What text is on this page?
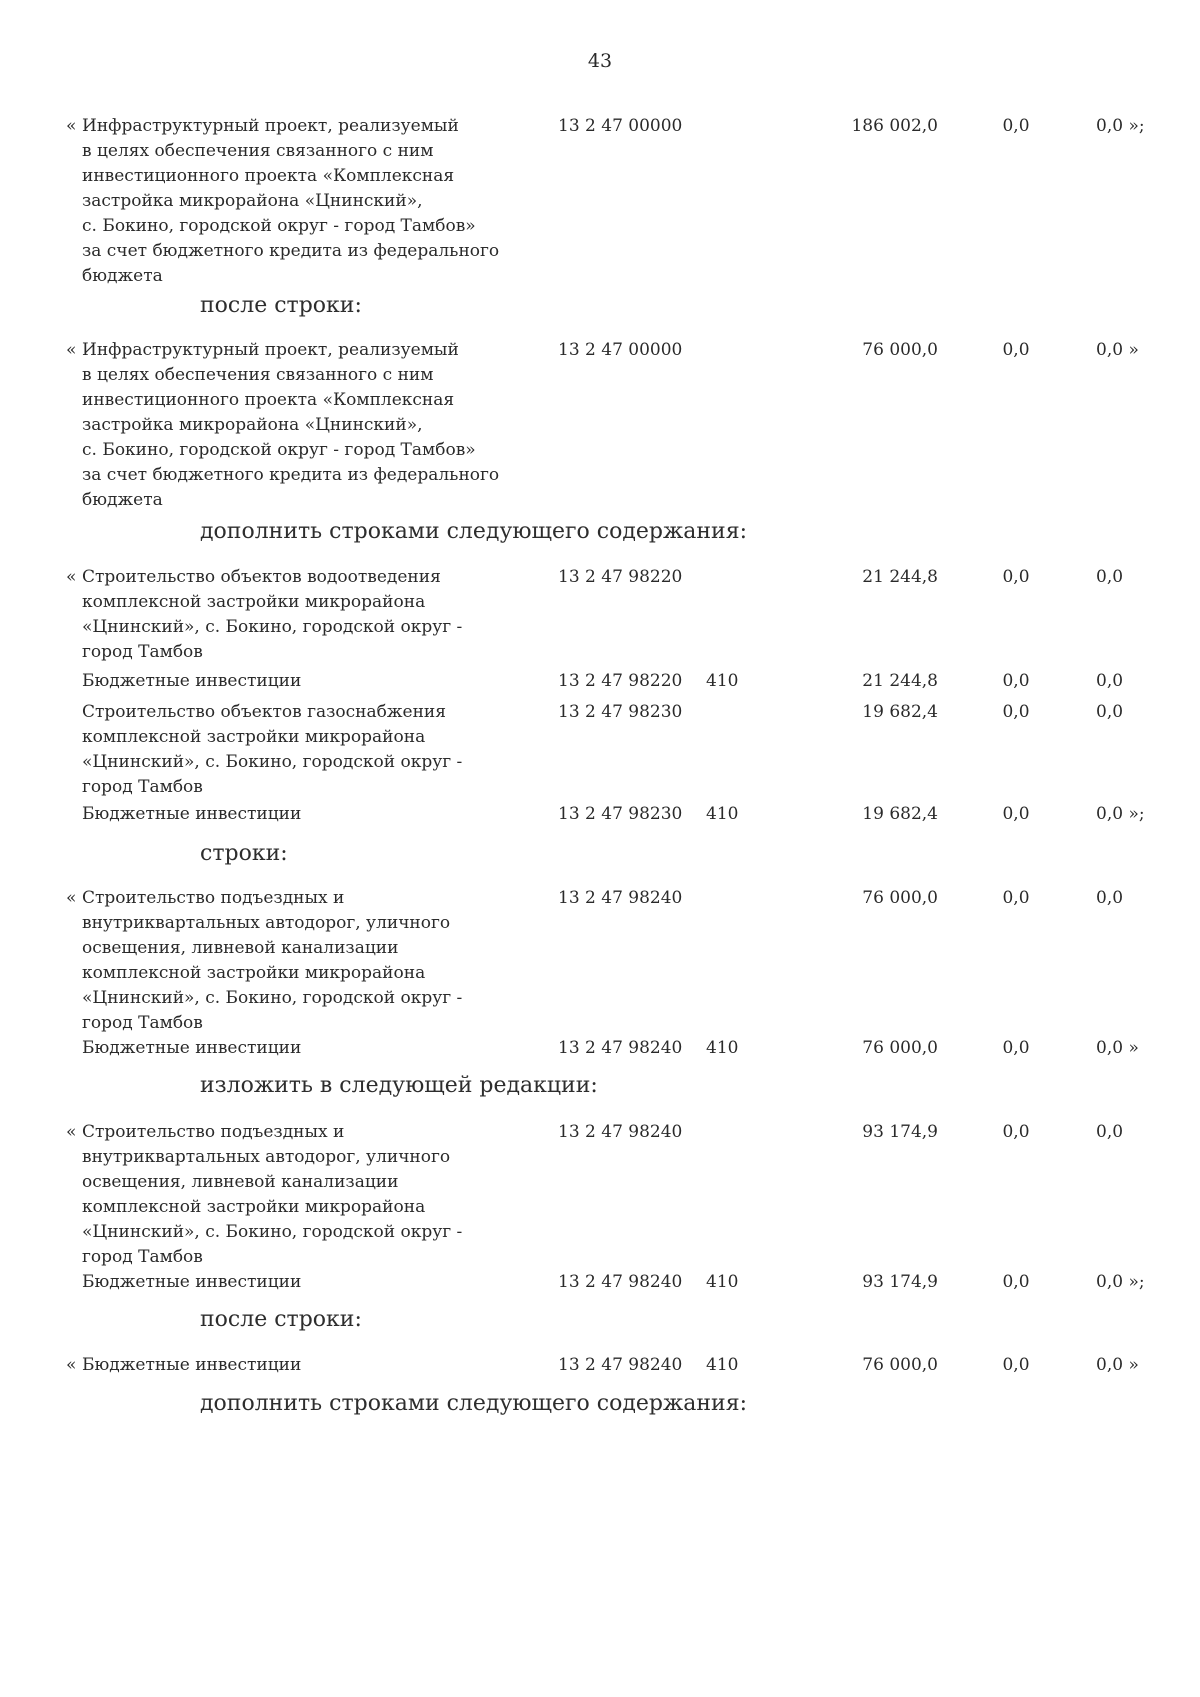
43
« Инфраструктурный проект, реализуемый
в целях обеспечения связанного с ним
инвестиционного проекта «Комплексная
застройка микрорайона «Цнинский»,
с. Бокино, городской округ - город Тамбов»
за счет бюджетного кредита из федерального
бюджета
13 2 47 00000	186 002,0	0,0	0,0 »;
после строки:
« Инфраструктурный проект, реализуемый
в целях обеспечения связанного с ним
инвестиционного проекта «Комплексная
застройка микрорайона «Цнинский»,
с. Бокино, городской округ - город Тамбов»
за счет бюджетного кредита из федерального
бюджета
13 2 47 00000	76 000,0	0,0	0,0 »
дополнить строками следующего содержания:
« Строительство объектов водоотведения
комплексной застройки микрорайона
«Цнинский», с. Бокино, городской округ -
город Тамбов
13 2 47 98220	21 244,8	0,0	0,0
Бюджетные инвестиции	13 2 47 98220 410	21 244,8	0,0	0,0
Строительство объектов газоснабжения
комплексной застройки микрорайона
«Цнинский», с. Бокино, городской округ -
город Тамбов
13 2 47 98230	19 682,4	0,0	0,0
Бюджетные инвестиции	13 2 47 98230 410	19 682,4	0,0	0,0 »;
строки:
« Строительство подъездных и
внутриквартальных автодорог, уличного
освещения, ливневой канализации
комплексной застройки микрорайона
«Цнинский», с. Бокино, городской округ -
город Тамбов
13 2 47 98240	76 000,0	0,0	0,0
Бюджетные инвестиции	13 2 47 98240 410	76 000,0	0,0	0,0 »
изложить в следующей редакции:
« Строительство подъездных и
внутриквартальных автодорог, уличного
освещения, ливневой канализации
комплексной застройки микрорайона
«Цнинский», с. Бокино, городской округ -
город Тамбов
13 2 47 98240	93 174,9	0,0	0,0
Бюджетные инвестиции	13 2 47 98240 410	93 174,9	0,0	0,0 »;
после строки:
« Бюджетные инвестиции	13 2 47 98240 410	76 000,0	0,0	0,0 »
дополнить строками следующего содержания:
